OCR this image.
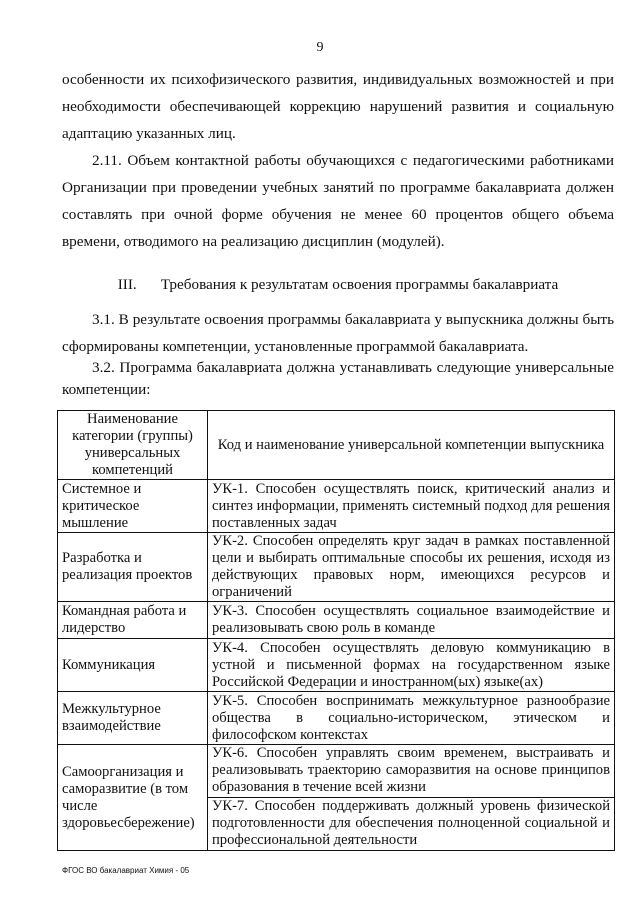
9
особенности их психофизического развития, индивидуальных возможностей и при необходимости обеспечивающей коррекцию нарушений развития и социальную адаптацию указанных лиц.
2.11. Объем контактной работы обучающихся с педагогическими работниками Организации при проведении учебных занятий по программе бакалавриата должен составлять при очной форме обучения не менее 60 процентов общего объема времени, отводимого на реализацию дисциплин (модулей).
III. Требования к результатам освоения программы бакалавриата
3.1. В результате освоения программы бакалавриата у выпускника должны быть сформированы компетенции, установленные программой бакалавриата.
3.2. Программа бакалавриата должна устанавливать следующие универсальные компетенции:
Наименование категории (группы) универсальных компетенций	Код и наименование универсальной компетенции выпускника
Системное и критическое мышление	УК-1. Способен осуществлять поиск, критический анализ и синтез информации, применять системный подход для решения поставленных задач
Разработка и реализация проектов	УК-2. Способен определять круг задач в рамках поставленной цели и выбирать оптимальные способы их решения, исходя из действующих правовых норм, имеющихся ресурсов и ограничений
Командная работа и лидерство	УК-3. Способен осуществлять социальное взаимодействие и реализовывать свою роль в команде
Коммуникация	УК-4. Способен осуществлять деловую коммуникацию в устной и письменной формах на государственном языке Российской Федерации и иностранном(ых) языке(ах)
Межкультурное взаимодействие	УК-5. Способен воспринимать межкультурное разнообразие общества в социально-историческом, этическом и философском контекстах
Самоорганизация и саморазвитие (в том числе здоровьесбережение)	УК-6. Способен управлять своим временем, выстраивать и реализовывать траекторию саморазвития на основе принципов образования в течение всей жизни
УК-7. Способен поддерживать должный уровень физической подготовленности для обеспечения полноценной социальной и профессиональной деятельности
ФГОС ВО бакалавриат Химия - 05
